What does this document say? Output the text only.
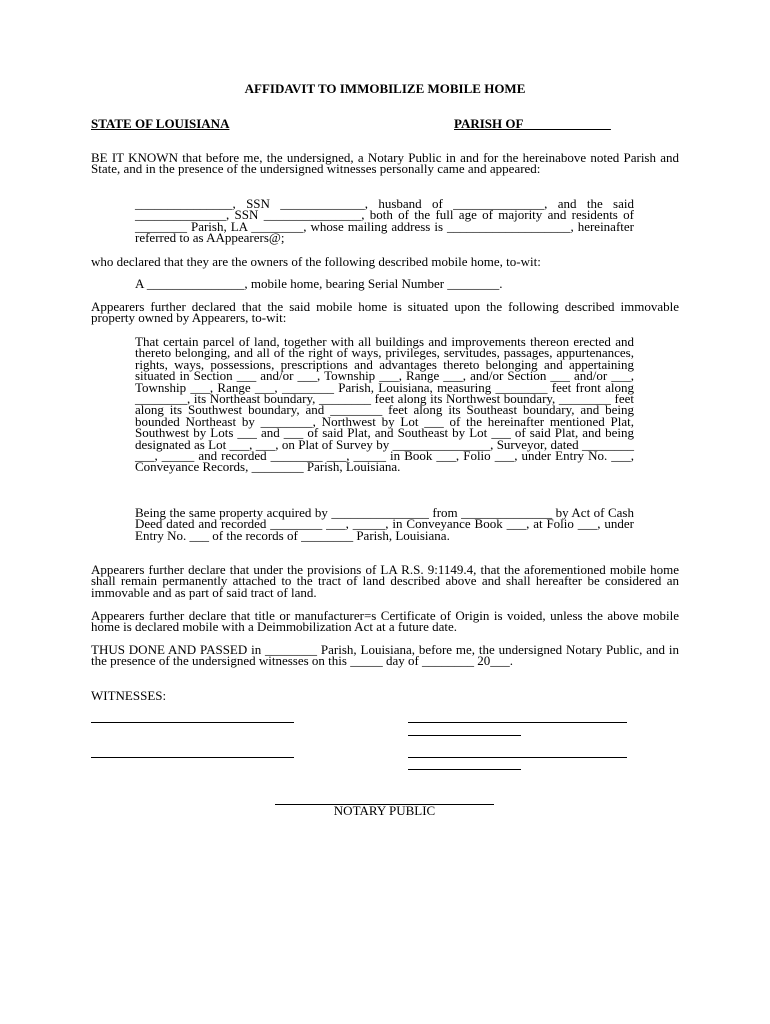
AFFIDAVIT TO IMMOBILIZE MOBILE HOME

STATE OF LOUISIANA	PARISH OF _____________

BE IT KNOWN that before me, the undersigned, a Notary Public in and for the hereinabove noted Parish and State, and in the presence of the undersigned witnesses personally came and appeared:

_______________, SSN _____________, husband of ______________, and the said ______________, SSN _______________, both of the full age of majority and residents of ________ Parish, LA ________, whose mailing address is ___________________, hereinafter referred to as AAppearers@;

who declared that they are the owners of the following described mobile home, to-wit:

A _______________, mobile home, bearing Serial Number ________.

Appearers further declared that the said mobile home is situated upon the following described immovable property owned by Appearers, to-wit:

That certain parcel of land, together with all buildings and improvements thereon erected and thereto belonging, and all of the right of ways, privileges, servitudes, passages, appurtenances, rights, ways, possessions, prescriptions and advantages thereto belonging and appertaining situated in Section ___ and/or ___, Township ___, Range ___, and/or Section ___ and/or ___, Township ___, Range ___, ________ Parish, Louisiana, measuring ________ feet front along ________, its Northeast boundary, ________ feet along its Northwest boundary, ________ feet along its Southwest boundary, and ________ feet along its Southeast boundary, and being bounded Northeast by ________, Northwest by Lot ___ of the hereinafter mentioned Plat, Southwest by Lots ___ and ___ of said Plat, and Southeast by Lot ___ of said Plat, and being designated as Lot ___, ___, on Plat of Survey by _______________, Surveyor, dated ________ ___, _____ and recorded ________ ___, _____ in Book ___, Folio ___, under Entry No. ___, Conveyance Records, ________ Parish, Louisiana.

Being the same property acquired by _______________ from ______________ by Act of Cash Deed dated and recorded ________ ___, _____, in Conveyance Book ___, at Folio ___, under Entry No. ___ of the records of ________ Parish, Louisiana.

Appearers further declare that under the provisions of LA R.S. 9:1149.4, that the aforementioned mobile home shall remain permanently attached to the tract of land described above and shall hereafter be considered an immovable and as part of said tract of land.

Appearers further declare that title or manufacturer=s Certificate of Origin is voided, unless the above mobile home is declared mobile with a Deimmobilization Act at a future date.

THUS DONE AND PASSED in ________ Parish, Louisiana, before me, the undersigned Notary Public, and in the presence of the undersigned witnesses on this _____ day of ________ 20___.

WITNESSES:

NOTARY PUBLIC
